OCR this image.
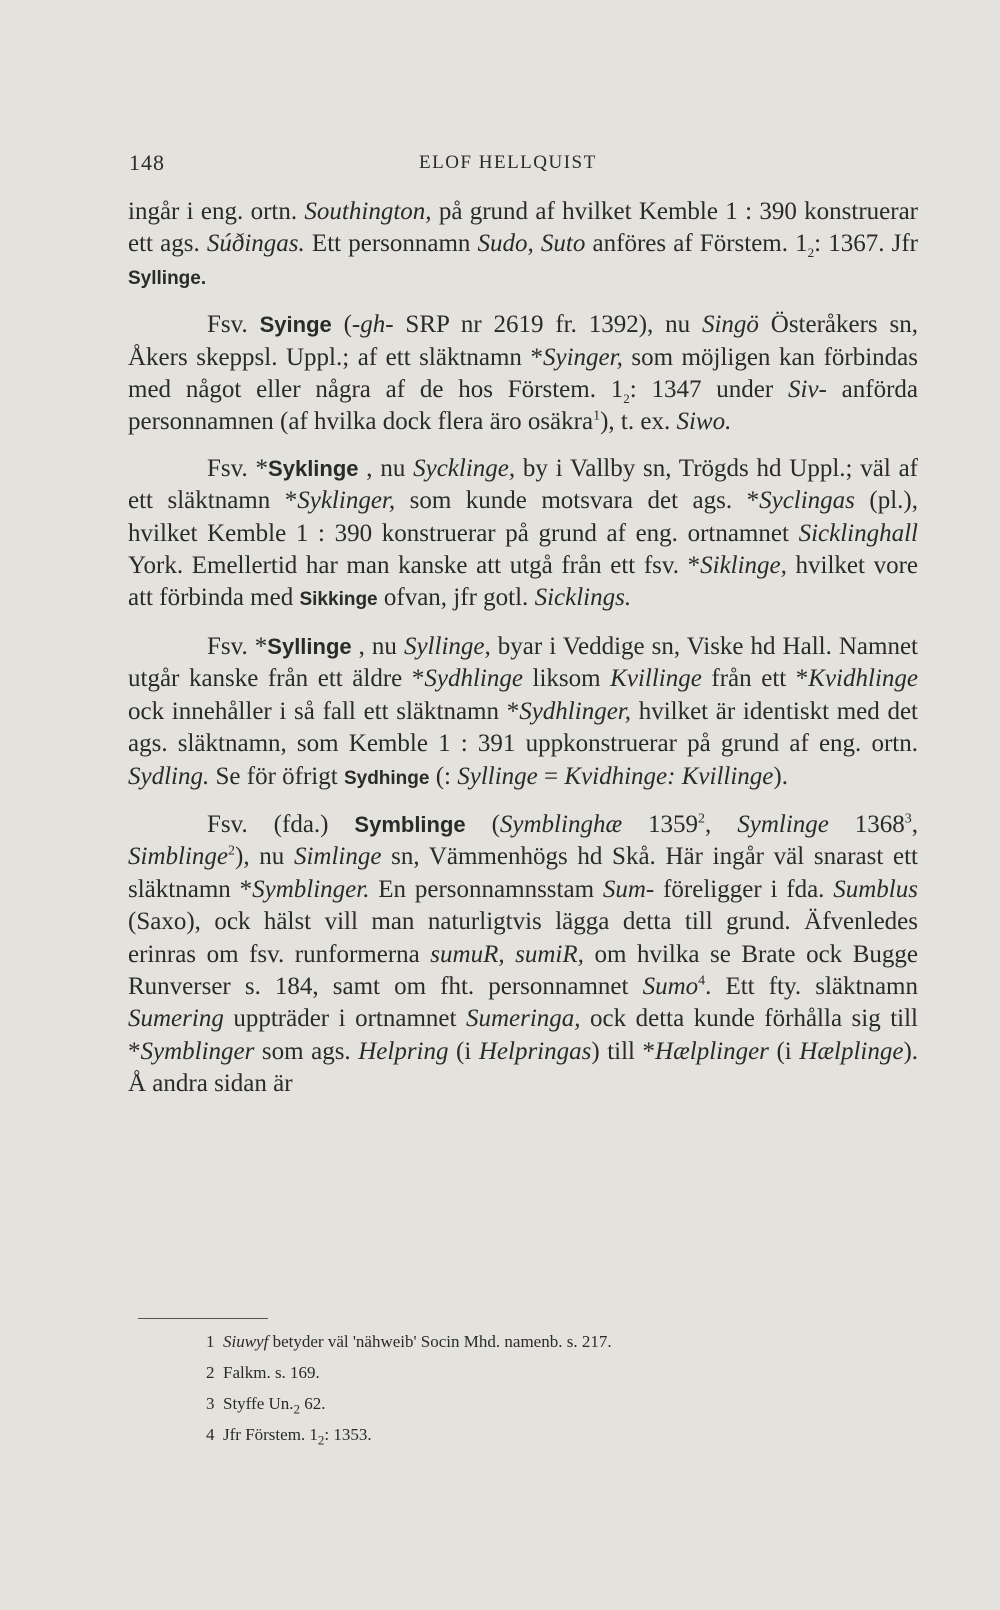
148	ELOF HELLQUIST

ingår i eng. ortn. Southington, på grund af hvilket Kemble 1 : 390 konstruerar ett ags. Súðingas. Ett personnamn Sudo, Suto anföres af Förstem. $1_2$: 1367. Jfr Syllinge.

Fsv. Syinge (-gh- SRP nr 2619 fr. 1392), nu Singö Österåkers sn, Åkers skeppsl. Uppl.; af ett släktnamn *Syinger, som möjligen kan förbindas med något eller några af de hos Förstem. $1_2$: 1347 under Siv- anförda personnamnen (af hvilka dock flera äro osäkra$^1$), t. ex. Siwo.

Fsv. *Syklinge , nu Sycklinge, by i Vallby sn, Trögds hd Uppl.; väl af ett släktnamn *Syklinger, som kunde motsvara det ags. *Syclingas (pl.), hvilket Kemble 1 : 390 konstruerar på grund af eng. ortnamnet Sicklinghall York. Emellertid har man kanske att utgå från ett fsv. *Siklinge, hvilket vore att förbinda med Sikkinge ofvan, jfr gotl. Sicklings.

Fsv. *Syllinge , nu Syllinge, byar i Veddige sn, Viske hd Hall. Namnet utgår kanske från ett äldre *Sydhlinge liksom Kvillinge från ett *Kvidhlinge ock innehåller i så fall ett släktnamn *Sydhlinger, hvilket är identiskt med det ags. släktnamn, som Kemble 1 : 391 uppkonstruerar på grund af eng. ortn. Sydling. Se för öfrigt Sydhinge (: Syllinge = Kvidhinge: Kvillinge).

Fsv. (fda.) Symblinge (Symblinghæ 1359$^2$, Symlinge 1368$^3$, Simblinge$^2$), nu Simlinge sn, Vämmenhögs hd Skå. Här ingår väl snarast ett släktnamn *Symblinger. En personnamnsstam Sum- föreligger i fda. Sumblus (Saxo), ock hälst vill man naturligtvis lägga detta till grund. Äfvenledes erinras om fsv. runformerna sumuR, sumiR, om hvilka se Brate ock Bugge Runverser s. 184, samt om fht. personnamnet Sumo$^4$. Ett fty. släktnamn Sumering uppträder i ortnamnet Sumeringa, ock detta kunde förhålla sig till *Symblinger som ags. Helpring (i Helpringas) till *Hælplinger (i Hælplinge). Å andra sidan är

1 Siuwyf betyder väl 'nähweib' Socin Mhd. namenb. s. 217.
2 Falkm. s. 169.
3 Styffe $Un._2$ 62.
4 Jfr Förstem. $1_2$: 1353.
